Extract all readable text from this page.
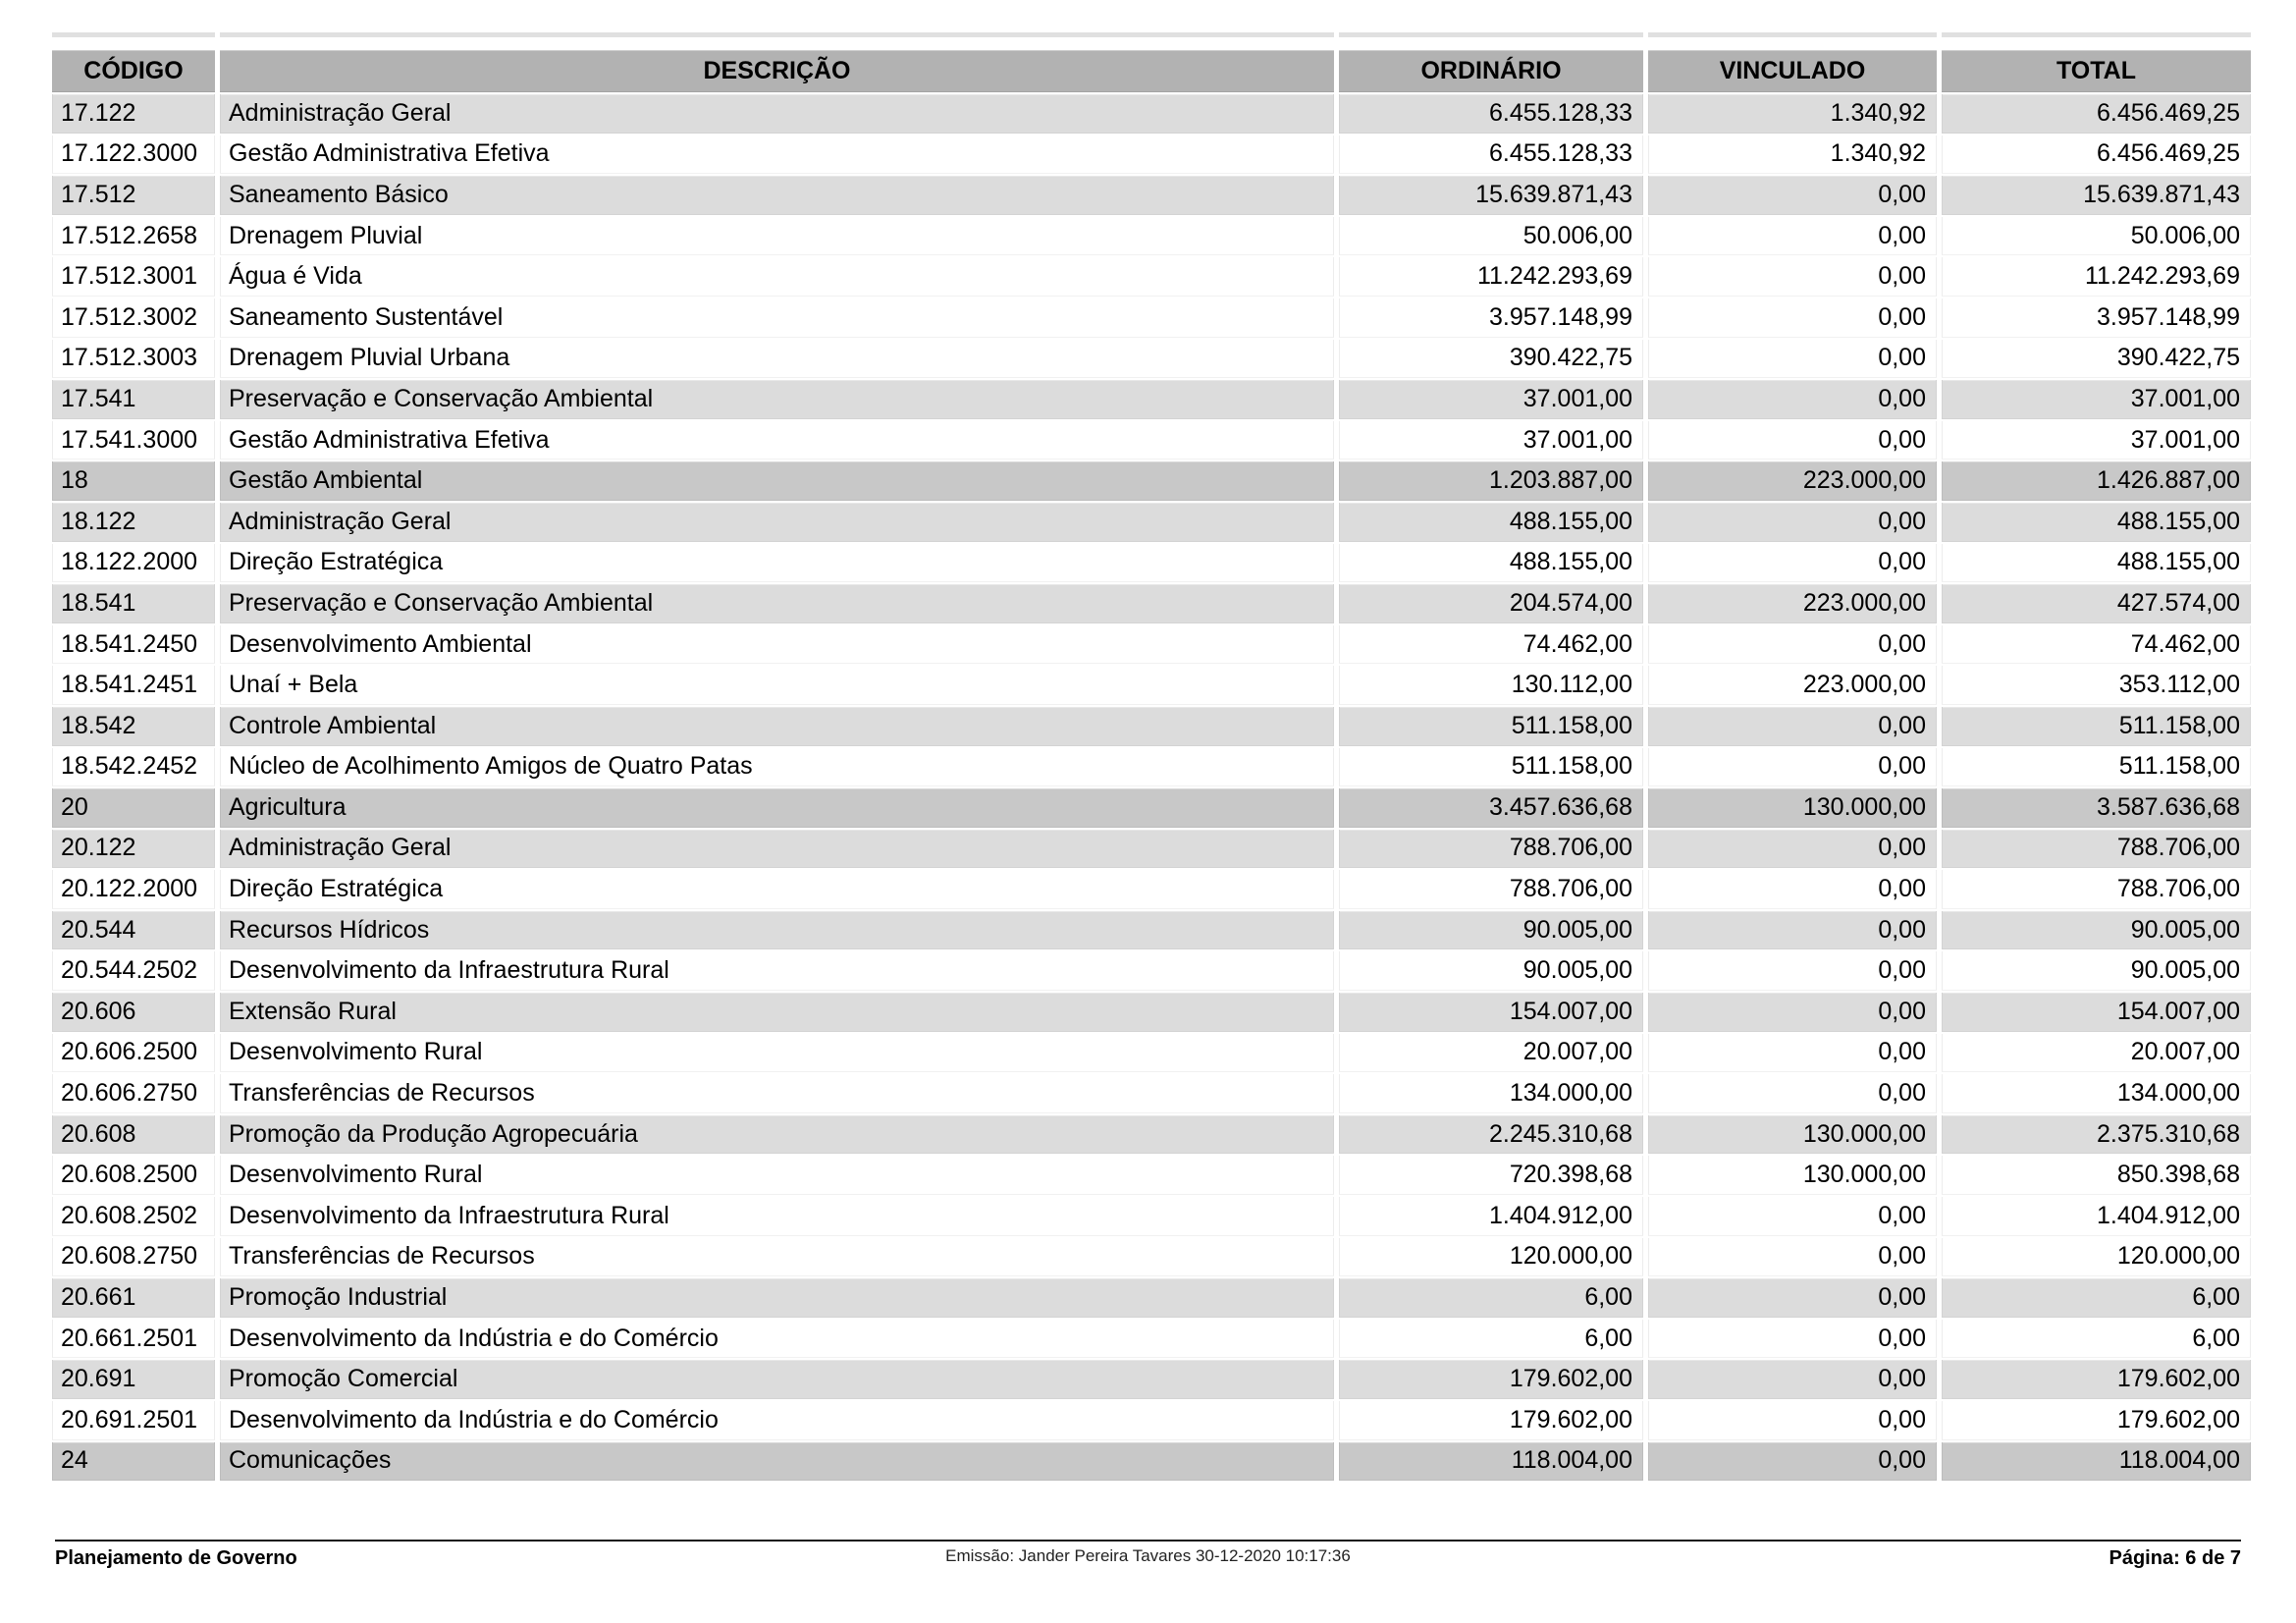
CÓDIGO	DESCRIÇÃO	ORDINÁRIO	VINCULADO	TOTAL
17.122	Administração Geral	6.455.128,33	1.340,92	6.456.469,25
17.122.3000	Gestão Administrativa Efetiva	6.455.128,33	1.340,92	6.456.469,25
17.512	Saneamento Básico	15.639.871,43	0,00	15.639.871,43
17.512.2658	Drenagem Pluvial	50.006,00	0,00	50.006,00
17.512.3001	Água é Vida	11.242.293,69	0,00	11.242.293,69
17.512.3002	Saneamento Sustentável	3.957.148,99	0,00	3.957.148,99
17.512.3003	Drenagem Pluvial Urbana	390.422,75	0,00	390.422,75
17.541	Preservação e Conservação Ambiental	37.001,00	0,00	37.001,00
17.541.3000	Gestão Administrativa Efetiva	37.001,00	0,00	37.001,00
18	Gestão Ambiental	1.203.887,00	223.000,00	1.426.887,00
18.122	Administração Geral	488.155,00	0,00	488.155,00
18.122.2000	Direção Estratégica	488.155,00	0,00	488.155,00
18.541	Preservação e Conservação Ambiental	204.574,00	223.000,00	427.574,00
18.541.2450	Desenvolvimento Ambiental	74.462,00	0,00	74.462,00
18.541.2451	Unaí + Bela	130.112,00	223.000,00	353.112,00
18.542	Controle Ambiental	511.158,00	0,00	511.158,00
18.542.2452	Núcleo de Acolhimento Amigos de Quatro Patas	511.158,00	0,00	511.158,00
20	Agricultura	3.457.636,68	130.000,00	3.587.636,68
20.122	Administração Geral	788.706,00	0,00	788.706,00
20.122.2000	Direção Estratégica	788.706,00	0,00	788.706,00
20.544	Recursos Hídricos	90.005,00	0,00	90.005,00
20.544.2502	Desenvolvimento da Infraestrutura Rural	90.005,00	0,00	90.005,00
20.606	Extensão Rural	154.007,00	0,00	154.007,00
20.606.2500	Desenvolvimento Rural	20.007,00	0,00	20.007,00
20.606.2750	Transferências de Recursos	134.000,00	0,00	134.000,00
20.608	Promoção da Produção Agropecuária	2.245.310,68	130.000,00	2.375.310,68
20.608.2500	Desenvolvimento Rural	720.398,68	130.000,00	850.398,68
20.608.2502	Desenvolvimento da Infraestrutura Rural	1.404.912,00	0,00	1.404.912,00
20.608.2750	Transferências de Recursos	120.000,00	0,00	120.000,00
20.661	Promoção Industrial	6,00	0,00	6,00
20.661.2501	Desenvolvimento da Indústria e do Comércio	6,00	0,00	6,00
20.691	Promoção Comercial	179.602,00	0,00	179.602,00
20.691.2501	Desenvolvimento da Indústria e do Comércio	179.602,00	0,00	179.602,00
24	Comunicações	118.004,00	0,00	118.004,00
Planejamento de Governo	Emissão: Jander Pereira Tavares 30-12-2020 10:17:36	Página: 6 de 7
